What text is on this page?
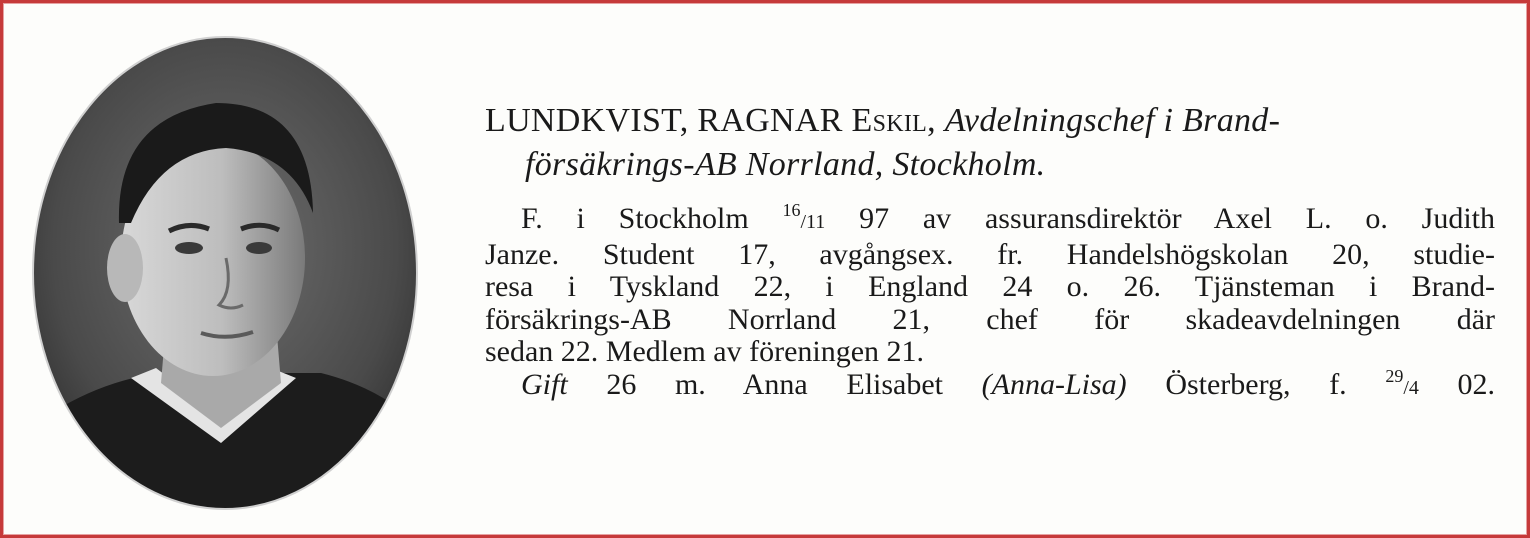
LUNDKVIST, RAGNAR Eskil, Avdelningschef i Brand-
försäkrings-AB Norrland, Stockholm.

F. i Stockholm $^{16}$/11 97 av assuransdirektör Axel L. o. Judith
Janze. Student 17, avgångsex. fr. Handelshögskolan 20, studie-
resa i Tyskland 22, i England 24 o. 26. Tjänsteman i Brand-
försäkrings-AB Norrland 21, chef för skadeavdelningen där
sedan 22. Medlem av föreningen 21.
Gift 26 m. Anna Elisabet (Anna-Lisa) Österberg, f. $^{29}$/4 02.
